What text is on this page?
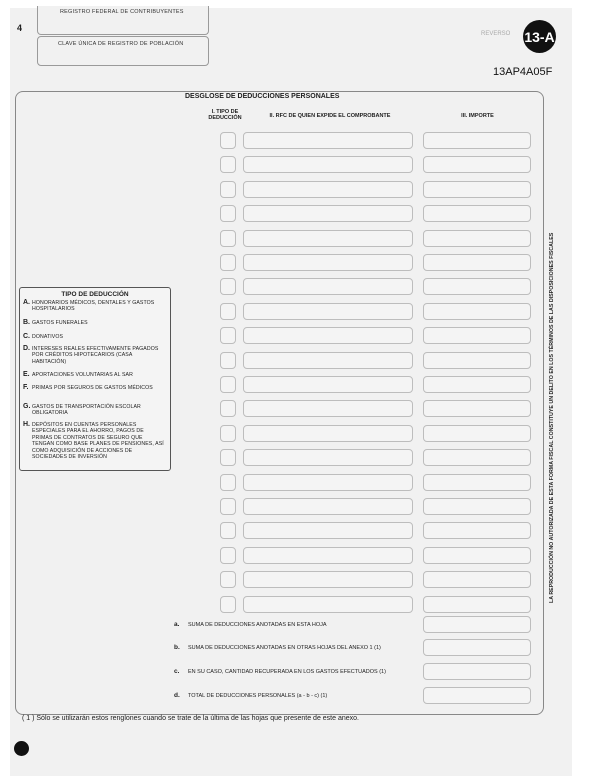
4
REGISTRO FEDERAL DE CONTRIBUYENTES
CLAVE ÚNICA DE REGISTRO DE POBLACIÓN
REVERSO 13-A
13AP4A05F
DESGLOSE DE DEDUCCIONES PERSONALES
I. TIPO DE DEDUCCIÓN	II. RFC DE QUIEN EXPIDE EL COMPROBANTE	III. IMPORTE
TIPO DE DEDUCCIÓN
A. HONORARIOS MÉDICOS, DENTALES Y GASTOS HOSPITALARIOS
B. GASTOS FUNERALES
C. DONATIVOS
D. INTERESES REALES EFECTIVAMENTE PAGADOS POR CRÉDITOS HIPOTECARIOS (CASA HABITACIÓN)
E. APORTACIONES VOLUNTARIAS AL SAR
F. PRIMAS POR SEGUROS DE GASTOS MÉDICOS
G. GASTOS DE TRANSPORTACIÓN ESCOLAR OBLIGATORIA
H. DEPÓSITOS EN CUENTAS PERSONALES ESPECIALES PARA EL AHORRO, PAGOS DE PRIMAS DE CONTRATOS DE SEGURO QUE TENGAN COMO BASE PLANES DE PENSIONES, ASÍ COMO ADQUISICIÓN DE ACCIONES DE SOCIEDADES DE INVERSIÓN
a. SUMA DE DEDUCCIONES ANOTADAS EN ESTA HOJA
b. SUMA DE DEDUCCIONES ANOTADAS EN OTRAS HOJAS DEL ANEXO 1 (1)
c. EN SU CASO, CANTIDAD RECUPERADA EN LOS GASTOS EFECTUADOS (1)
d. TOTAL DE DEDUCCIONES PERSONALES (a - b - c) (1)
LA REPRODUCCIÓN NO AUTORIZADA DE ESTA FORMA FISCAL CONSTITUYE UN DELITO EN LOS TÉRMINOS DE LAS DISPOSICIONES FISCALES
( 1 ) Sólo se utilizarán estos renglones cuando se trate de la última de las hojas que presente de este anexo.
